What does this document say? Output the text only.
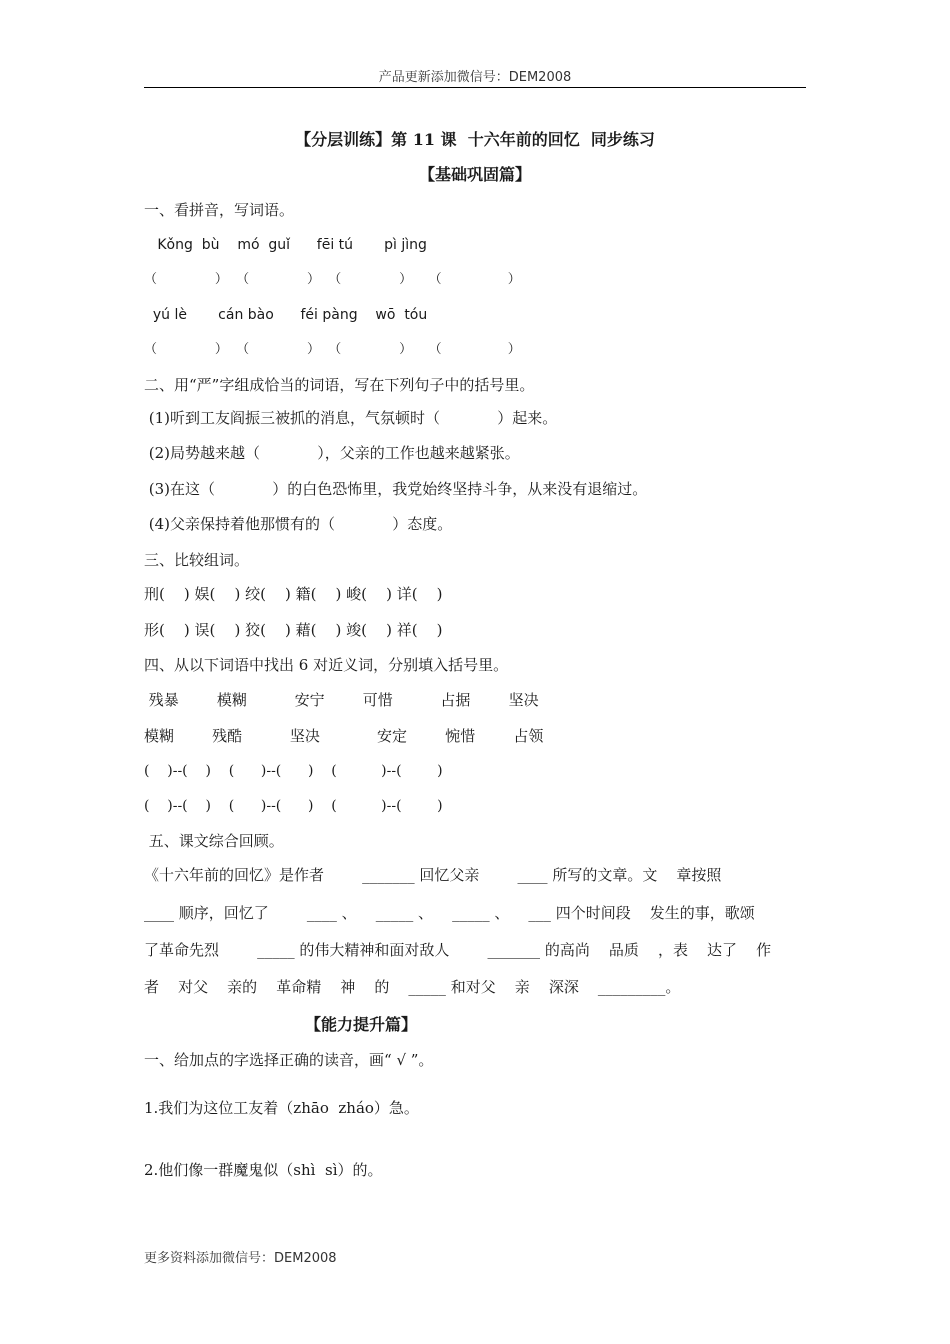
产品更新添加微信号：DEM2008
【分层训练】第 11 课  十六年前的回忆  同步练习
【基础巩固篇】
一、看拼音，写词语。
Kǒng  bù    mó  guǐ      fēi tú       pì jìng
（              ）  （              ）  （              ）    （                ）
yú lè       cán bào      féi pàng    wō  tóu
（              ）  （              ）  （              ）    （                ）
二、用“严”字组成恰当的词语，写在下列句子中的括号里。
(1)听到工友阎振三被抓的消息，气氛顿时（            ）起来。
(2)局势越来越（            ），父亲的工作也越来越紧张。
(3)在这（            ）的白色恐怖里，我党始终坚持斗争，从来没有退缩过。
(4)父亲保持着他那惯有的（            ）态度。
三、比较组词。
刑(    ) 娱(    ) 绞(    ) 籍(    ) 峻(    ) 详(    )
形(    ) 误(    ) 狡(    ) 藉(    ) 竣(    ) 祥(    )
四、从以下词语中找出 6 对近义词，分别填入括号里。
残暴        模糊          安宁        可惜          占据        坚决
模糊        残酷          坚决            安定        惋惜        占领
(    )--(    )    (      )--(      )    (          )--(        )
(    )--(    )    (      )--(      )    (          )--(        )
五、课文综合回顾。
《十六年前的回忆》是作者        _______ 回忆父亲        ____ 所写的文章。文    章按照
____ 顺序，回忆了        ____ 、    _____ 、    _____ 、    ___ 四个时间段    发生的事，歌颂
了革命先烈        _____ 的伟大精神和面对敌人        _______ 的高尚    品质    ，表    达了    作
者    对父    亲的    革命精    神    的    _____ 和对父    亲    深深    _________。
【能力提升篇】
一、给加点的字选择正确的读音，画“ √ ”。
1.我们为这位工友着（zhāo  zháo）急。
2.他们像一群魔鬼似（shì  sì）的。
更多资料添加微信号：DEM2008
